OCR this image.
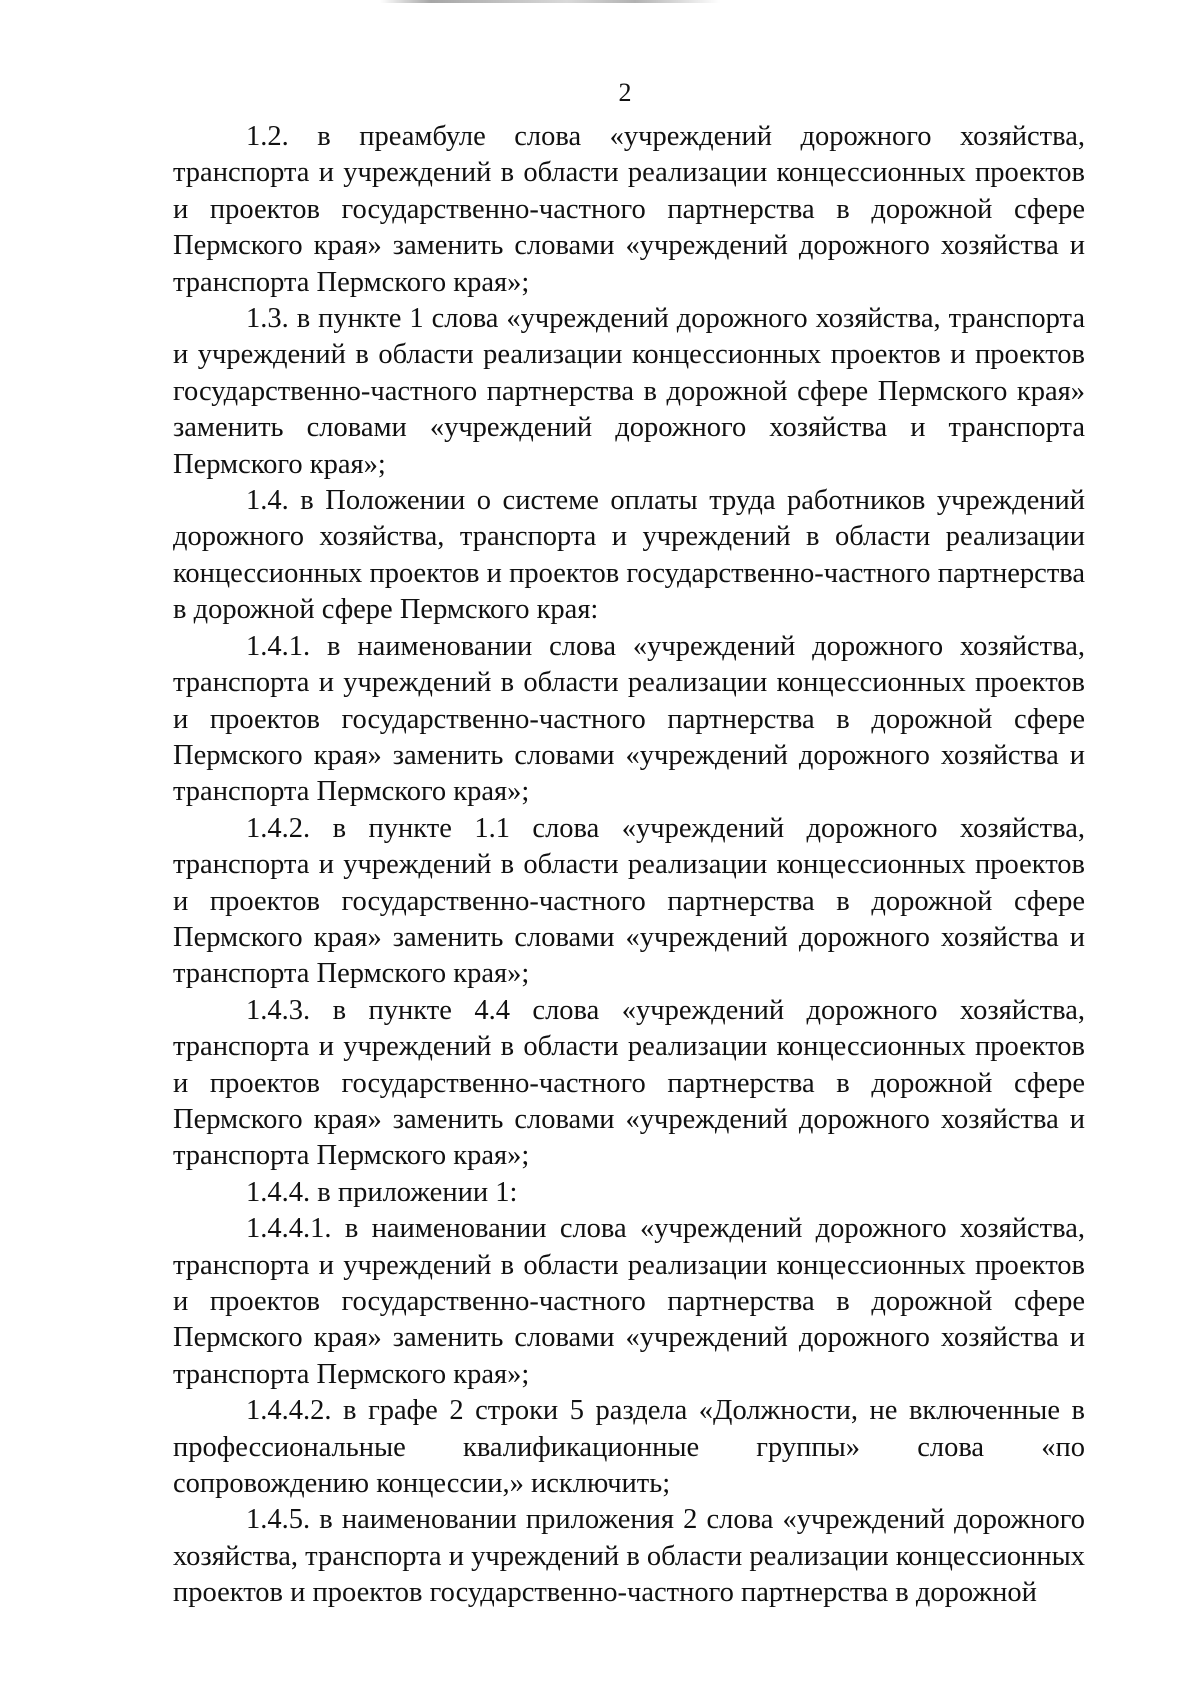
2

1.2. в преамбуле слова «учреждений дорожного хозяйства, транспорта и учреждений в области реализации концессионных проектов и проектов государственно-частного партнерства в дорожной сфере Пермского края» заменить словами «учреждений дорожного хозяйства и транспорта Пермского края»;

1.3. в пункте 1 слова «учреждений дорожного хозяйства, транспорта и учреждений в области реализации концессионных проектов и проектов государственно-частного партнерства в дорожной сфере Пермского края» заменить словами «учреждений дорожного хозяйства и транспорта Пермского края»;

1.4. в Положении о системе оплаты труда работников учреждений дорожного хозяйства, транспорта и учреждений в области реализации концессионных проектов и проектов государственно-частного партнерства в дорожной сфере Пермского края:

1.4.1. в наименовании слова «учреждений дорожного хозяйства, транспорта и учреждений в области реализации концессионных проектов и проектов государственно-частного партнерства в дорожной сфере Пермского края» заменить словами «учреждений дорожного хозяйства и транспорта Пермского края»;

1.4.2. в пункте 1.1 слова «учреждений дорожного хозяйства, транспорта и учреждений в области реализации концессионных проектов и проектов государственно-частного партнерства в дорожной сфере Пермского края» заменить словами «учреждений дорожного хозяйства и транспорта Пермского края»;

1.4.3. в пункте 4.4 слова «учреждений дорожного хозяйства, транспорта и учреждений в области реализации концессионных проектов и проектов государственно-частного партнерства в дорожной сфере Пермского края» заменить словами «учреждений дорожного хозяйства и транспорта Пермского края»;

1.4.4. в приложении 1:

1.4.4.1. в наименовании слова «учреждений дорожного хозяйства, транспорта и учреждений в области реализации концессионных проектов и проектов государственно-частного партнерства в дорожной сфере Пермского края» заменить словами «учреждений дорожного хозяйства и транспорта Пермского края»;

1.4.4.2. в графе 2 строки 5 раздела «Должности, не включенные в профессиональные квалификационные группы» слова «по сопровождению концессии,» исключить;

1.4.5. в наименовании приложения 2 слова «учреждений дорожного хозяйства, транспорта и учреждений в области реализации концессионных проектов и проектов государственно-частного партнерства в дорожной
